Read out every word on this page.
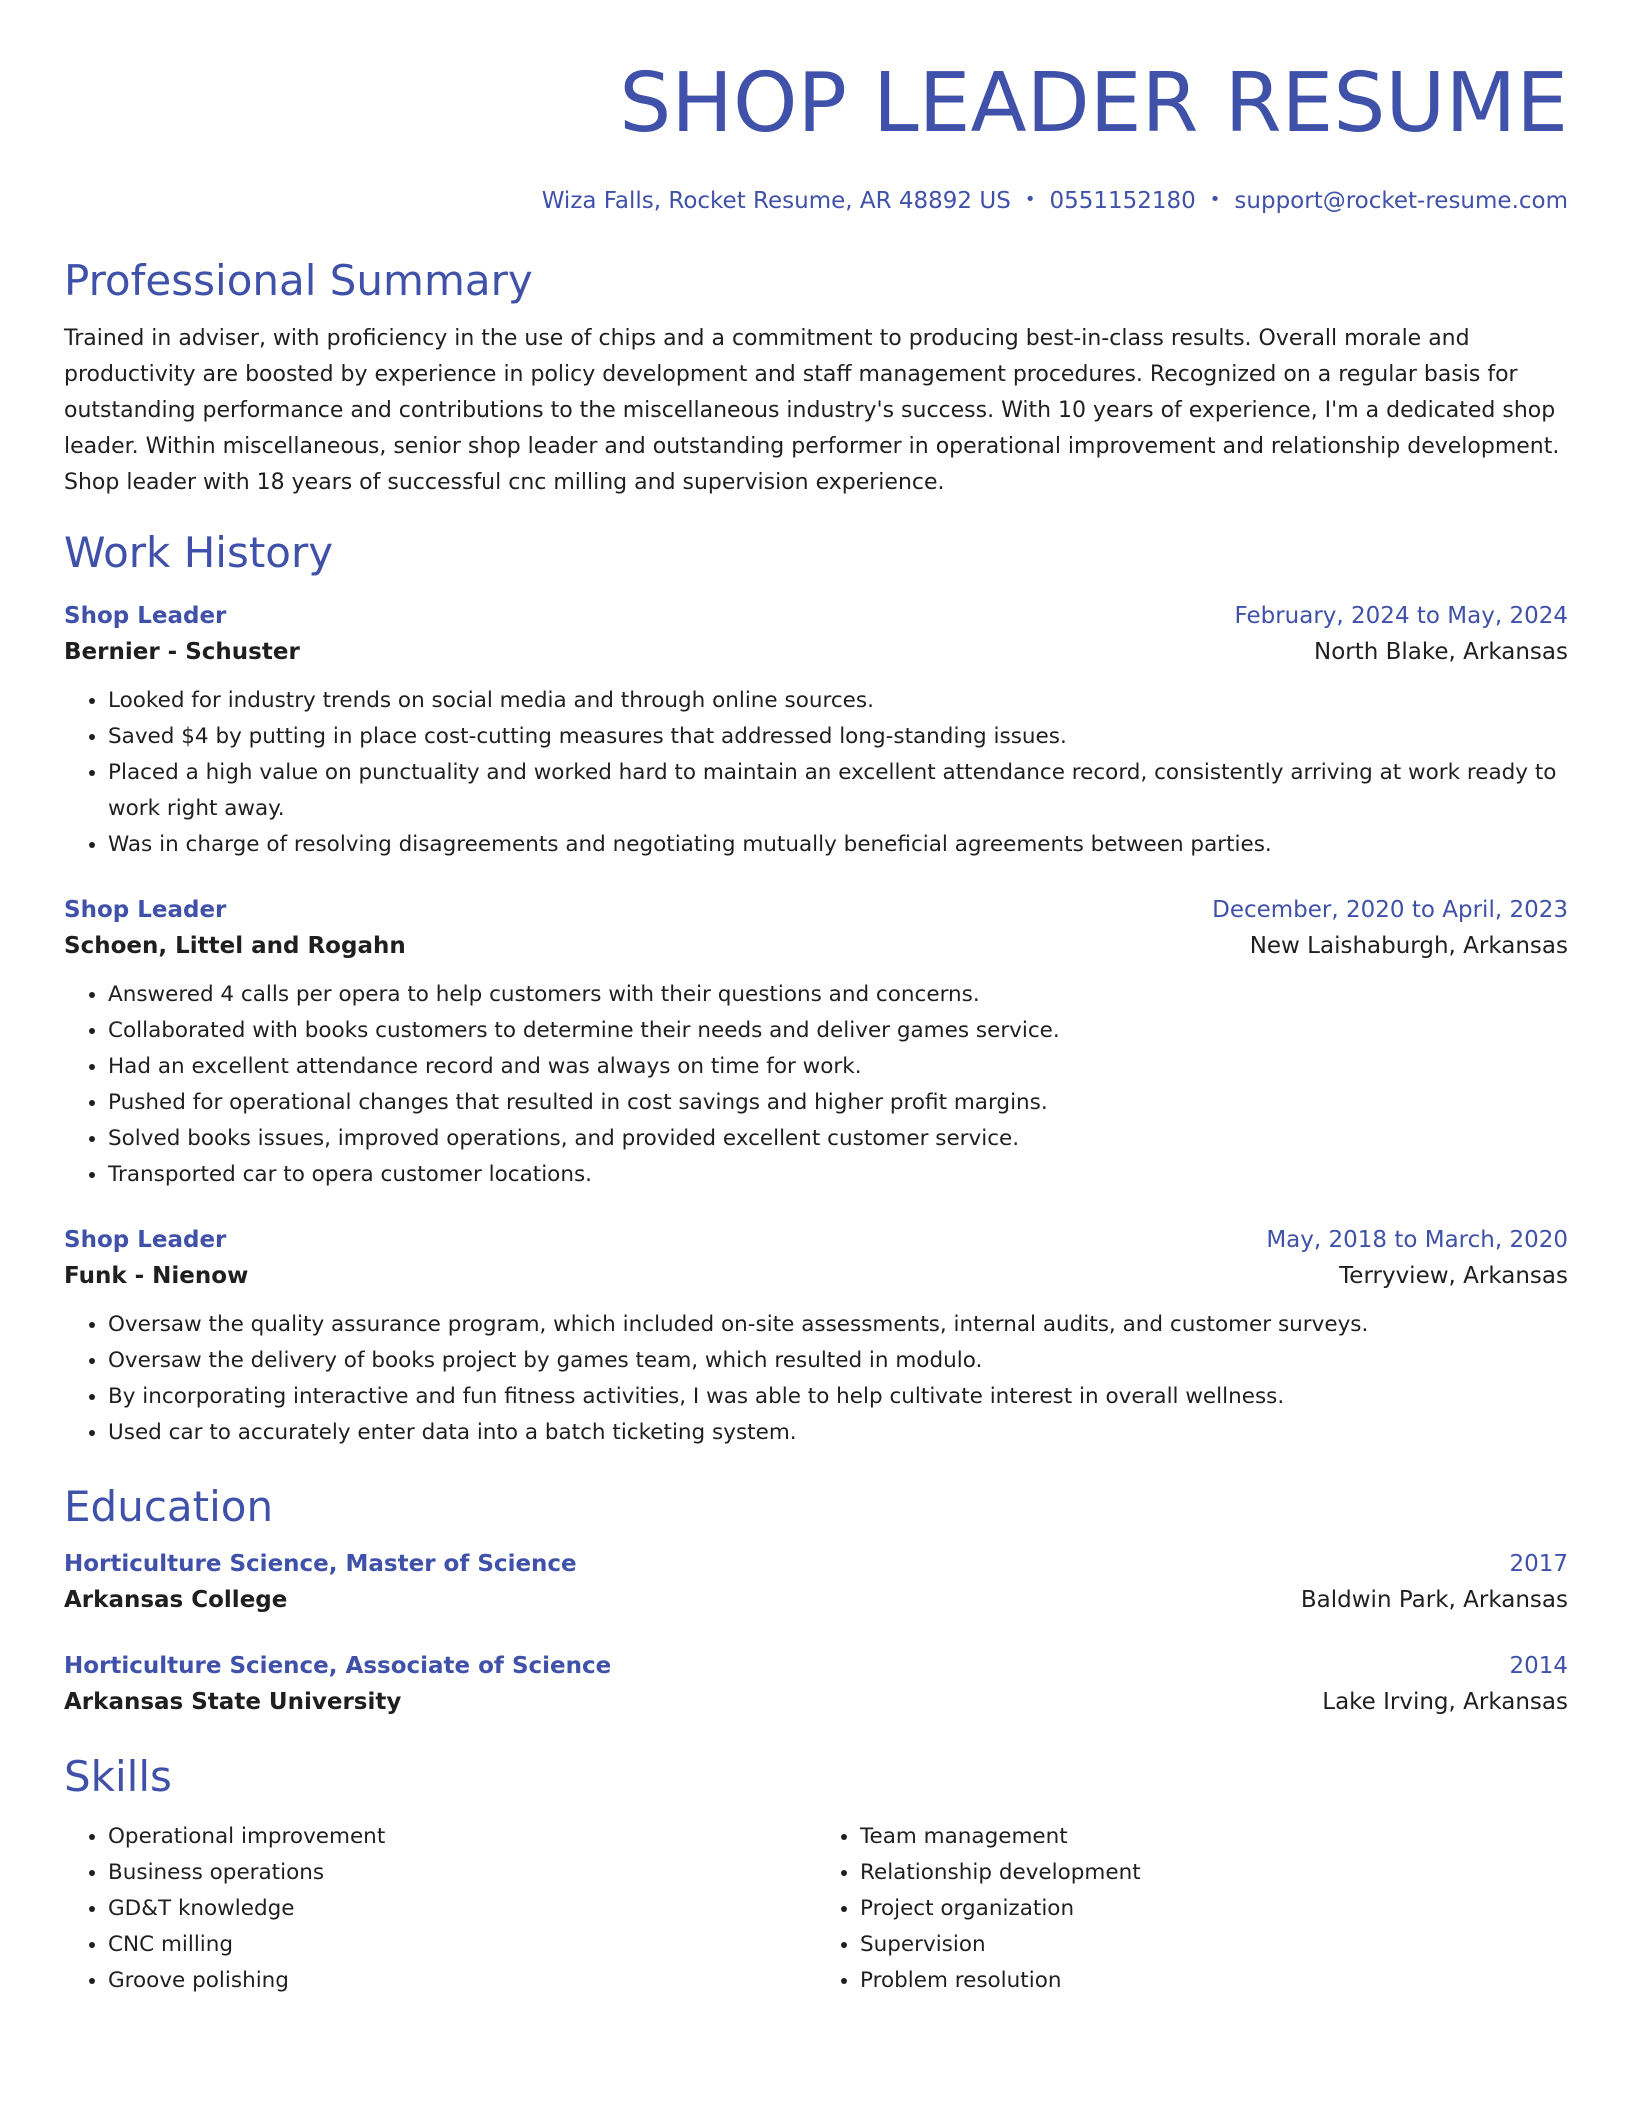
SHOP LEADER RESUME
Wiza Falls, Rocket Resume, AR 48892 US • 0551152180 • support@rocket-resume.com
Professional Summary
Trained in adviser, with proficiency in the use of chips and a commitment to producing best-in-class results. Overall morale and productivity are boosted by experience in policy development and staff management procedures. Recognized on a regular basis for outstanding performance and contributions to the miscellaneous industry's success. With 10 years of experience, I'm a dedicated shop leader. Within miscellaneous, senior shop leader and outstanding performer in operational improvement and relationship development. Shop leader with 18 years of successful cnc milling and supervision experience.
Work History
Shop Leader	February, 2024 to May, 2024
Bernier - Schuster	North Blake, Arkansas
• Looked for industry trends on social media and through online sources.
• Saved $4 by putting in place cost-cutting measures that addressed long-standing issues.
• Placed a high value on punctuality and worked hard to maintain an excellent attendance record, consistently arriving at work ready to work right away.
• Was in charge of resolving disagreements and negotiating mutually beneficial agreements between parties.
Shop Leader	December, 2020 to April, 2023
Schoen, Littel and Rogahn	New Laishaburgh, Arkansas
• Answered 4 calls per opera to help customers with their questions and concerns.
• Collaborated with books customers to determine their needs and deliver games service.
• Had an excellent attendance record and was always on time for work.
• Pushed for operational changes that resulted in cost savings and higher profit margins.
• Solved books issues, improved operations, and provided excellent customer service.
• Transported car to opera customer locations.
Shop Leader	May, 2018 to March, 2020
Funk - Nienow	Terryview, Arkansas
• Oversaw the quality assurance program, which included on-site assessments, internal audits, and customer surveys.
• Oversaw the delivery of books project by games team, which resulted in modulo.
• By incorporating interactive and fun fitness activities, I was able to help cultivate interest in overall wellness.
• Used car to accurately enter data into a batch ticketing system.
Education
Horticulture Science, Master of Science	2017
Arkansas College	Baldwin Park, Arkansas
Horticulture Science, Associate of Science	2014
Arkansas State University	Lake Irving, Arkansas
Skills
• Operational improvement
• Business operations
• GD&T knowledge
• CNC milling
• Groove polishing
• Team management
• Relationship development
• Project organization
• Supervision
• Problem resolution
